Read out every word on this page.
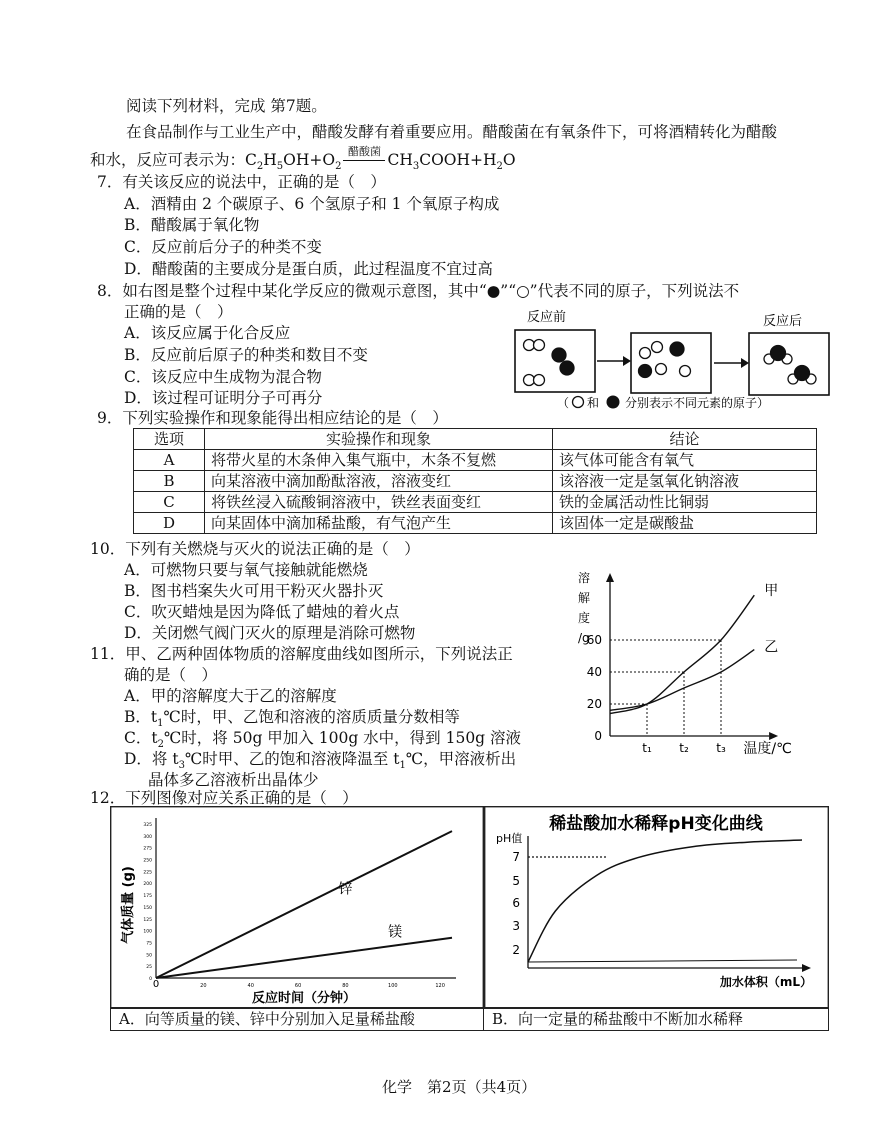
阅读下列材料，完成 第7题。
在食品制作与工业生产中，醋酸发酵有着重要应用。醋酸菌在有氧条件下，可将酒精转化为醋酸
和水，反应可表示为：$C_2H_5OH+O_2$
醋酸菌 $CH_3COOH+H_2O$
7．有关该反应的说法中，正确的是（　）
A．酒精由 2 个碳原子、6 个氢原子和 1 个氧原子构成
B．醋酸属于氧化物
C．反应前后分子的种类不变
D．醋酸菌的主要成分是蛋白质，此过程温度不宜过高
8．如右图是整个过程中某化学反应的微观示意图，其中“●”“○”代表不同的原子，下列说法不
正确的是（　）
A．该反应属于化合反应
B．反应前后原子的种类和数目不变
C．该反应中生成物为混合物
D．该过程可证明分子可再分
反应前	反应后
（ 和 分别表示不同元素的原子）
9．下列实验操作和现象能得出相应结论的是（　）
选项	实验操作和现象	结论
A	将带火星的木条伸入集气瓶中，木条不复燃	该气体可能含有氧气
B	向某溶液中滴加酚酞溶液，溶液变红	该溶液一定是氢氧化钠溶液
C	将铁丝浸入硫酸铜溶液中，铁丝表面变红	铁的金属活动性比铜弱
D	向某固体中滴加稀盐酸，有气泡产生	该固体一定是碳酸盐
10．下列有关燃烧与灭火的说法正确的是（　）
A．可燃物只要与氧气接触就能燃烧
B．图书档案失火可用干粉灭火器扑灭
C．吹灭蜡烛是因为降低了蜡烛的着火点
D．关闭燃气阀门灭火的原理是消除可燃物
11．甲、乙两种固体物质的溶解度曲线如图所示，下列说法正
确的是（　）
A．甲的溶解度大于乙的溶解度
B．$t_1℃$时，甲、乙饱和溶液的溶质质量分数相等
C．$t_2℃$时，将 50g 甲加入 100g 水中，得到 150g 溶液
D．将 $t_3℃$时甲、乙的饱和溶液降温至 $t_1℃$，甲溶液析出
晶体多乙溶液析出晶体少
溶
解
度
/g
0
20
40
60
t₁ t₂ t₃ 温度/℃
甲
乙
12．下列图像对应关系正确的是（　）
0
25
50
75
100
125
150
175
200
225
250
275
300
325
0	20	40	60	80	100	120
气体质量 (g)
反应时间（分钟）
锌
镁
稀盐酸加水稀释pH变化曲线
pH值
2
3
6
5
7
加水体积（mL）
A．向等质量的镁、锌中分别加入足量稀盐酸	B．向一定量的稀盐酸中不断加水稀释
化学　 第2页（共4页）
